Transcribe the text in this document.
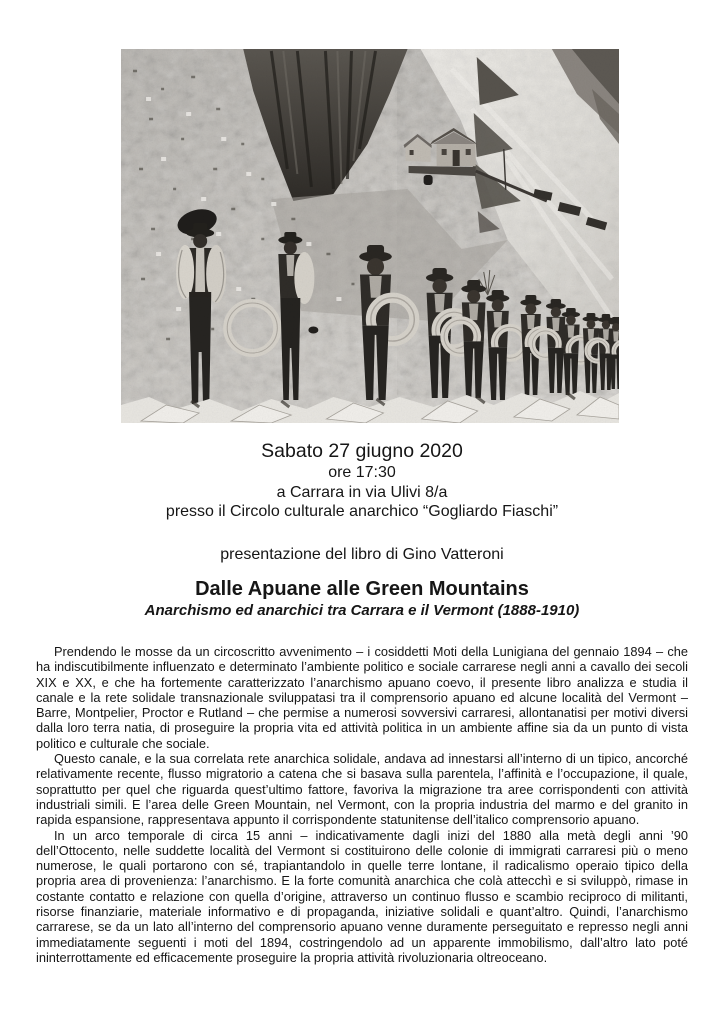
Sabato 27 giugno 2020
ore 17:30
a Carrara in via Ulivi 8/a
presso il Circolo culturale anarchico “Gogliardo Fiaschi”
presentazione del libro di Gino Vatteroni
Dalle Apuane alle Green Mountains
Anarchismo ed anarchici tra Carrara e il Vermont (1888-1910)

Prendendo le mosse da un circoscritto avvenimento – i cosiddetti Moti della Lunigiana del gennaio 1894 – che ha indiscutibilmente influenzato e determinato l’ambiente politico e sociale carrarese negli anni a cavallo dei secoli XIX e XX, e che ha fortemente caratterizzato l’anarchismo apuano coevo, il presente libro analizza e studia il canale e la rete solidale transnazionale sviluppatasi tra il comprensorio apuano ed alcune località del Vermont – Barre, Montpelier, Proctor e Rutland – che permise a numerosi sovversivi carraresi, allontanatisi per motivi diversi dalla loro terra natia, di proseguire la propria vita ed attività politica in un ambiente affine sia da un punto di vista politico e culturale che sociale.

Questo canale, e la sua correlata rete anarchica solidale, andava ad innestarsi all’interno di un tipico, ancorché relativamente recente, flusso migratorio a catena che si basava sulla parentela, l’affinità e l’occupazione, il quale, soprattutto per quel che riguarda quest’ultimo fattore, favoriva la migrazione tra aree corrispondenti con attività industriali simili. E l’area delle Green Mountain, nel Vermont, con la propria industria del marmo e del granito in rapida espansione, rappresentava appunto il corrispondente statunitense dell’italico comprensorio apuano.

In un arco temporale di circa 15 anni – indicativamente dagli inizi del 1880 alla metà degli anni ’90 dell’Ottocento, nelle suddette località del Vermont si costituirono delle colonie di immigrati carraresi più o meno numerose, le quali portarono con sé, trapiantandolo in quelle terre lontane, il radicalismo operaio tipico della propria area di provenienza: l’anarchismo. E la forte comunità anarchica che colà attecchì e si sviluppò, rimase in costante contatto e relazione con quella d’origine, attraverso un continuo flusso e scambio reciproco di militanti, risorse finanziarie, materiale informativo e di propaganda, iniziative solidali e quant’altro. Quindi, l’anarchismo carrarese, se da un lato all’interno del comprensorio apuano venne duramente perseguitato e represso negli anni immediatamente seguenti i moti del 1894, costringendolo ad un apparente immobilismo, dall’altro lato poté ininterrottamente ed efficacemente proseguire la propria attività rivoluzionaria oltreoceano.
